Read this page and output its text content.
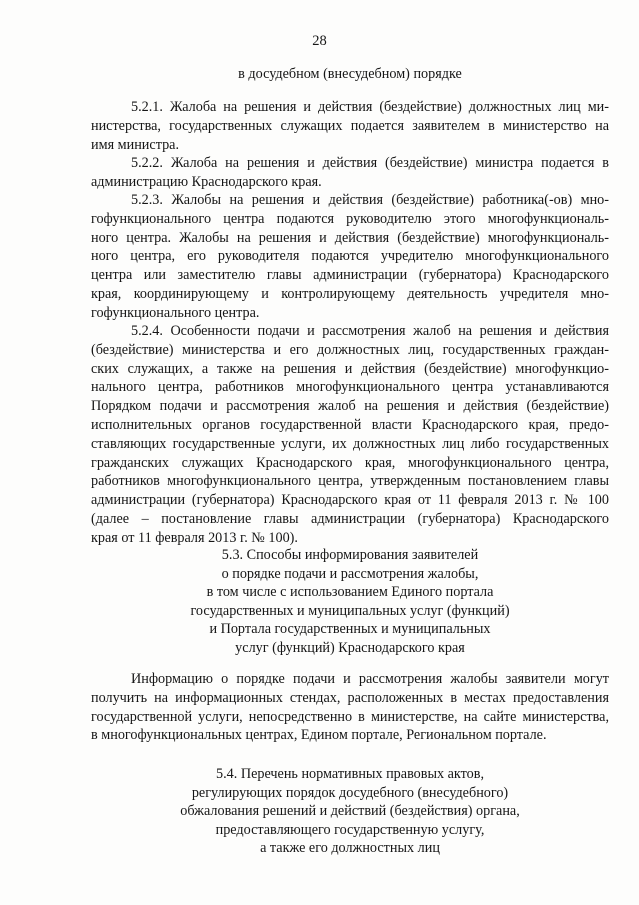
28
в досудебном (внесудебном) порядке
5.2.1. Жалоба на решения и действия (бездействие) должностных лиц ми-
нистерства, государственных служащих подается заявителем в министерство на
имя министра.
5.2.2. Жалоба на решения и действия (бездействие) министра подается в
администрацию Краснодарского края.
5.2.3. Жалобы на решения и действия (бездействие) работника(-ов) мно-
гофункционального центра подаются руководителю этого многофункциональ-
ного центра. Жалобы на решения и действия (бездействие) многофункциональ-
ного центра, его руководителя подаются учредителю многофункционального
центра или заместителю главы администрации (губернатора) Краснодарского
края, координирующему и контролирующему деятельность учредителя мно-
гофункционального центра.
5.2.4. Особенности подачи и рассмотрения жалоб на решения и действия
(бездействие) министерства и его должностных лиц, государственных граждан-
ских служащих, а также на решения и действия (бездействие) многофункцио-
нального центра, работников многофункционального центра устанавливаются
Порядком подачи и рассмотрения жалоб на решения и действия (бездействие)
исполнительных органов государственной власти Краснодарского края, предо-
ставляющих государственные услуги, их должностных лиц либо государственных
гражданских служащих Краснодарского края, многофункционального центра,
работников многофункционального центра, утвержденным постановлением главы
администрации (губернатора) Краснодарского края от 11 февраля 2013 г. № 100
(далее – постановление главы администрации (губернатора) Краснодарского
края от 11 февраля 2013 г. № 100).
5.3. Способы информирования заявителей
о порядке подачи и рассмотрения жалобы,
в том числе с использованием Единого портала
государственных и муниципальных услуг (функций)
и Портала государственных и муниципальных
услуг (функций) Краснодарского края
Информацию о порядке подачи и рассмотрения жалобы заявители могут
получить на информационных стендах, расположенных в местах предоставления
государственной услуги, непосредственно в министерстве, на сайте министерства,
в многофункциональных центрах, Едином портале, Региональном портале.
5.4. Перечень нормативных правовых актов,
регулирующих порядок досудебного (внесудебного)
обжалования решений и действий (бездействия) органа,
предоставляющего государственную услугу,
а также его должностных лиц
